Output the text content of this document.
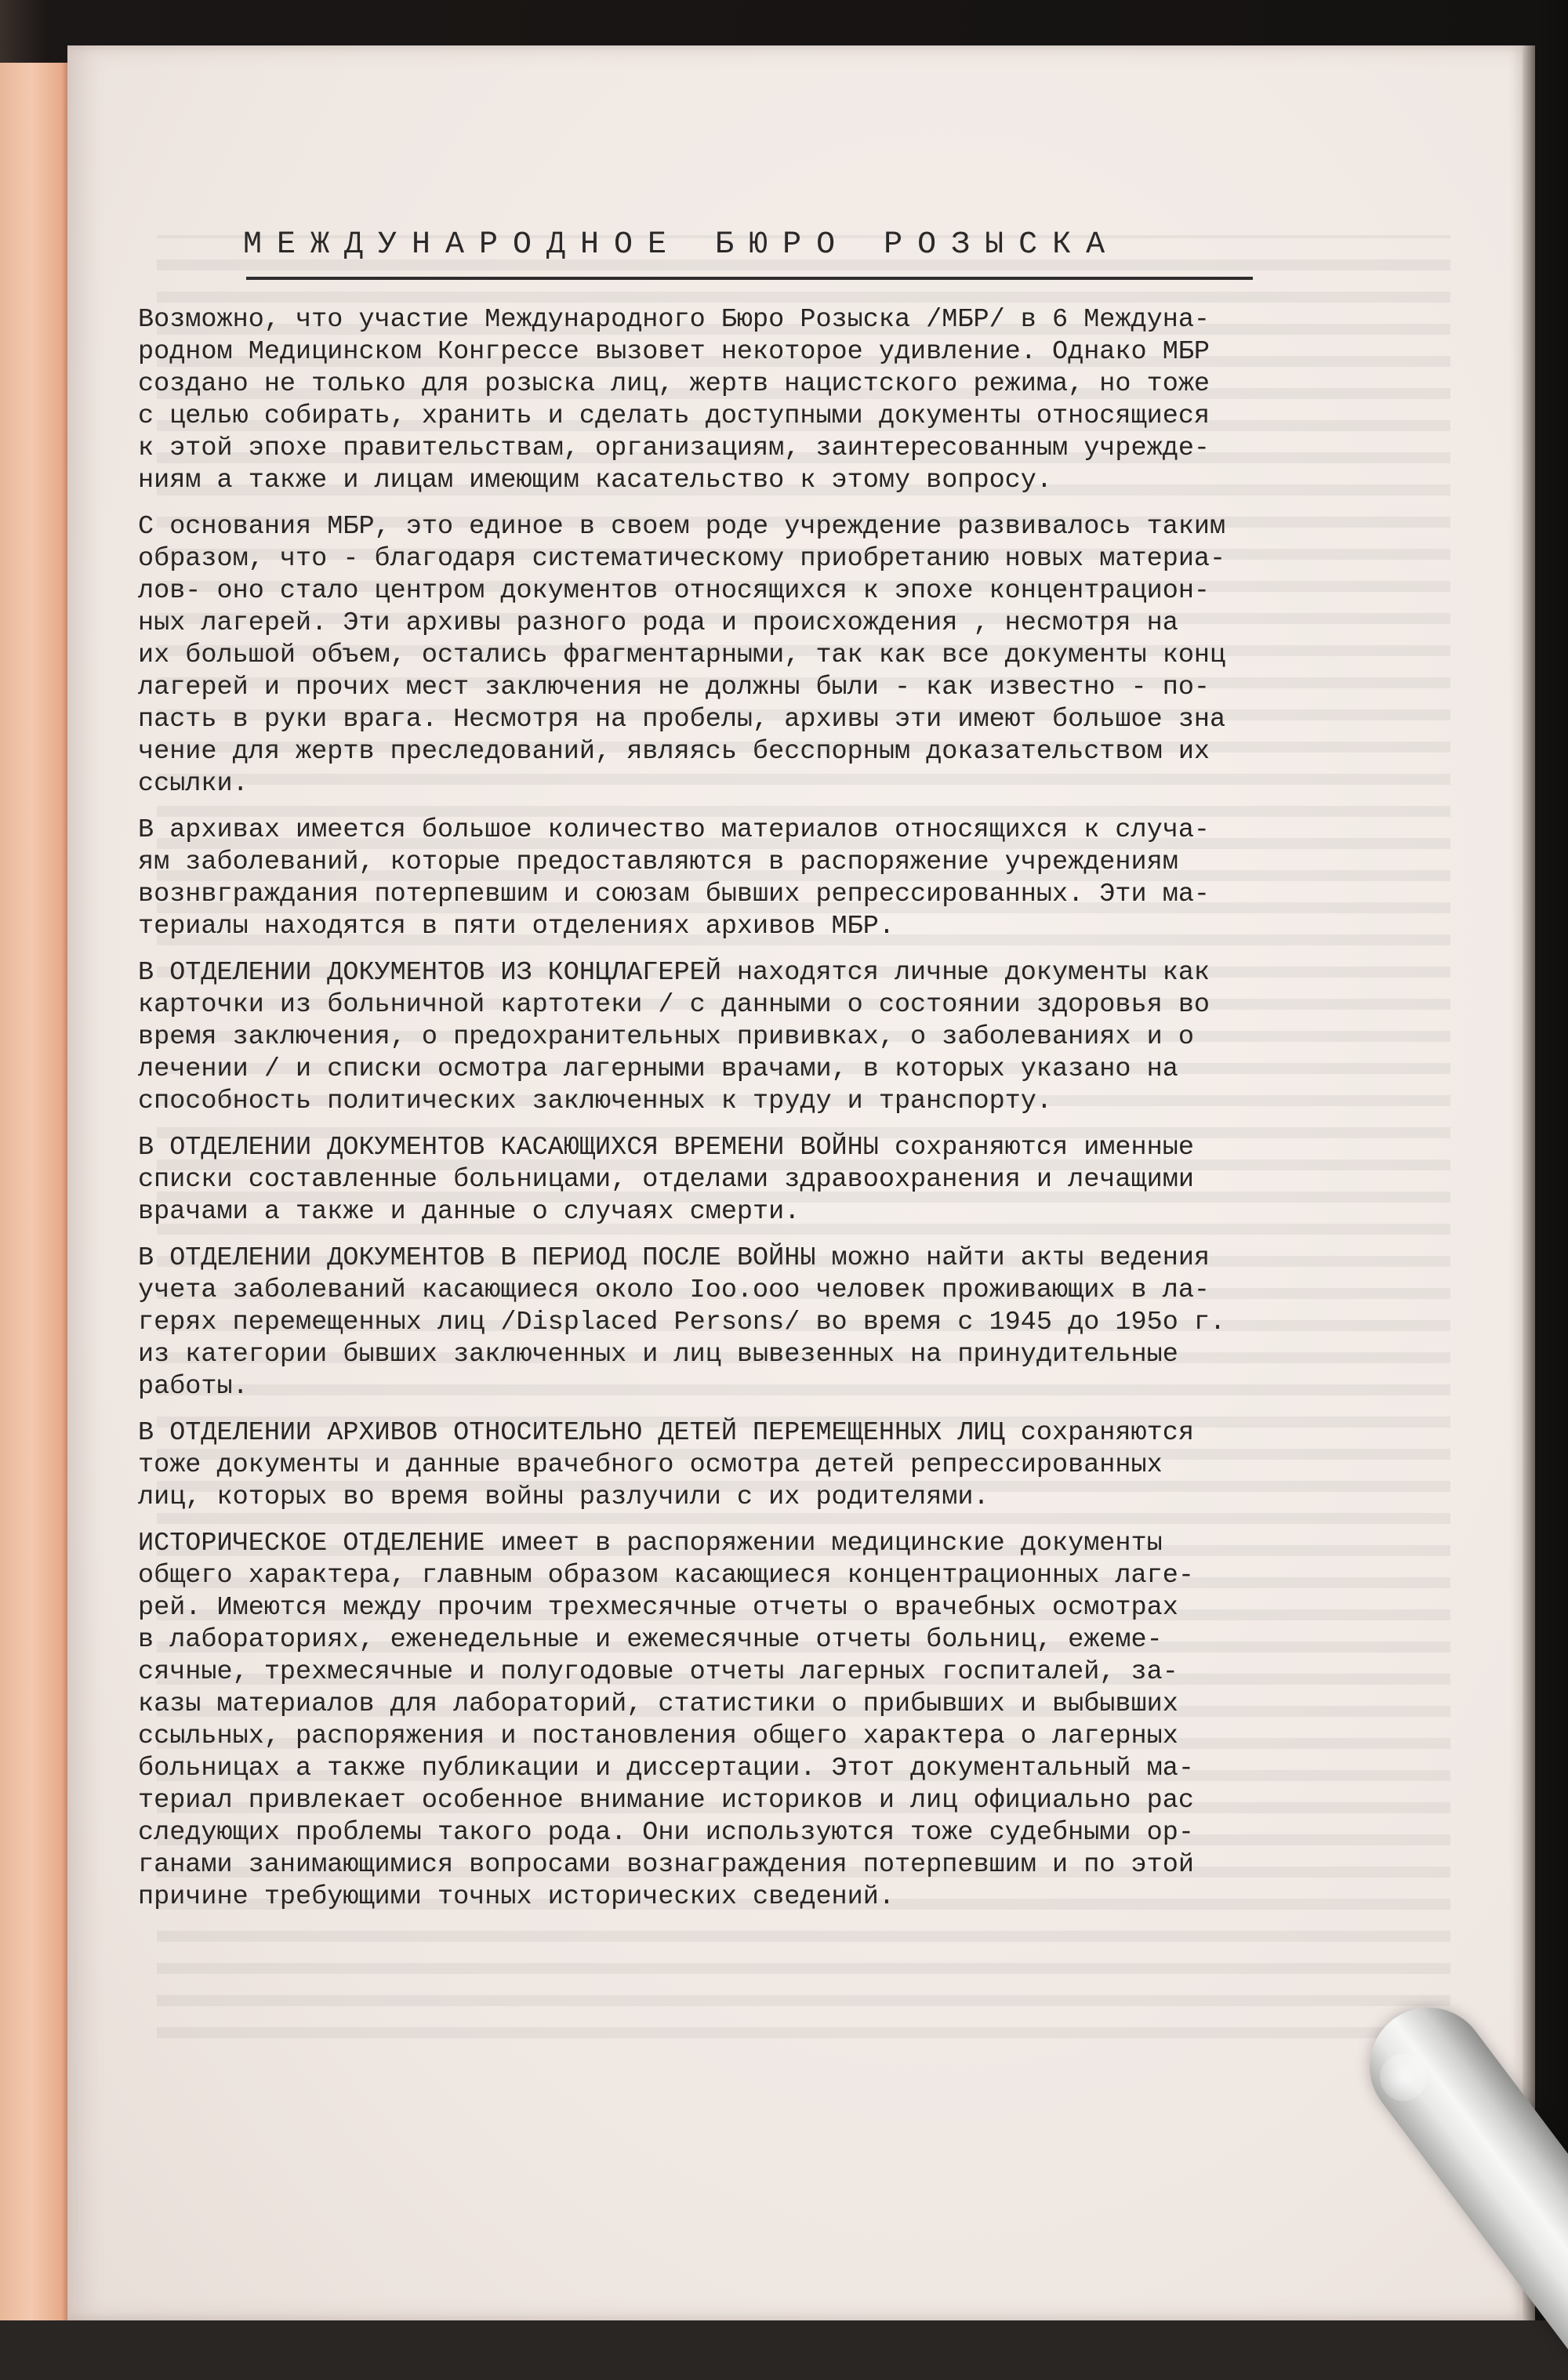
МЕЖДУНАРОДНОЕ БЮРО РОЗЫСКА
Возможно, что участие Международного Бюро Розыска /МБР/ в 6 Междуна-
родном Медицинском Конгрессе вызовет некоторое удивление. Однако МБР
создано не только для розыска лиц, жертв нацистского режима, но тоже
с целью собирать, хранить и сделать доступными документы относящиеся
к этой эпохе правительствам, организациям, заинтересованным учрежде-
ниям а также и лицам имеющим касательство к этому вопросу.
С основания МБР, это единое в своем роде учреждение развивалось таким
образом, что - благодаря систематическому приобретанию новых материа-
лов- оно стало центром документов относящихся к эпохе концентрацион-
ных лагерей. Эти архивы разного рода и происхождения , несмотря на
их большой объем, остались фрагментарными, так как все документы конц
лагерей и прочих мест заключения не должны были - как известно - по-
пасть в руки врага. Несмотря на пробелы, архивы эти имеют большое зна
чение для жертв преследований, являясь бесспорным доказательством их
ссылки.
В архивах имеется большое количество материалов относящихся к случа-
ям заболеваний, которые предоставляются в распоряжение учреждениям
вознвграждания потерпевшим и союзам бывших репрессированных. Эти ма-
териалы находятся в пяти отделениях архивов МБР.
В ОТДЕЛЕНИИ ДОКУМЕНТОВ ИЗ КОНЦЛАГЕРЕЙ находятся личные документы как
карточки из больничной картотеки / с данными о состоянии здоровья во
время заключения, о предохранительных прививках, о заболеваниях и о
лечении / и списки осмотра лагерными врачами, в которых указано на
способность политических заключенных к труду и транспорту.
В ОТДЕЛЕНИИ ДОКУМЕНТОВ КАСАЮЩИХСЯ ВРЕМЕНИ ВОЙНЫ сохраняются именные
списки составленные больницами, отделами здравоохранения и лечащими
врачами а также и данные о случаях смерти.
В ОТДЕЛЕНИИ ДОКУМЕНТОВ В ПЕРИОД ПОСЛЕ ВОЙНЫ можно найти акты ведения
учета заболеваний касающиеся около Iоо.ооо человек проживающих в ла-
герях перемещенных лиц /Displaced Persons/ во время с 1945 до 195о г.
из категории бывших заключенных и лиц вывезенных на принудительные
работы.
В ОТДЕЛЕНИИ АРХИВОВ ОТНОСИТЕЛЬНО ДЕТЕЙ ПЕРЕМЕЩЕННЫХ ЛИЦ сохраняются
тоже документы и данные врачебного осмотра детей репрессированных
лиц, которых во время войны разлучили с их родителями.
ИСТОРИЧЕСКОЕ ОТДЕЛЕНИЕ имеет в распоряжении медицинские документы
общего характера, главным образом касающиеся концентрационных лаге-
рей. Имеются между прочим трехмесячные отчеты о врачебных осмотрах
в лабораториях, еженедельные и ежемесячные отчеты больниц, ежеме-
сячные, трехмесячные и полугодовые отчеты лагерных госпиталей, за-
казы материалов для лабораторий, статистики о прибывших и выбывших
ссыльных, распоряжения и постановления общего характера о лагерных
больницах а также публикации и диссертации. Этот документальный ма-
териал привлекает особенное внимание историков и лиц официально рас
следующих проблемы такого рода. Они используются тоже судебными ор-
ганами занимающимися вопросами вознаграждения потерпевшим и по этой
причине требующими точных исторических сведений.
